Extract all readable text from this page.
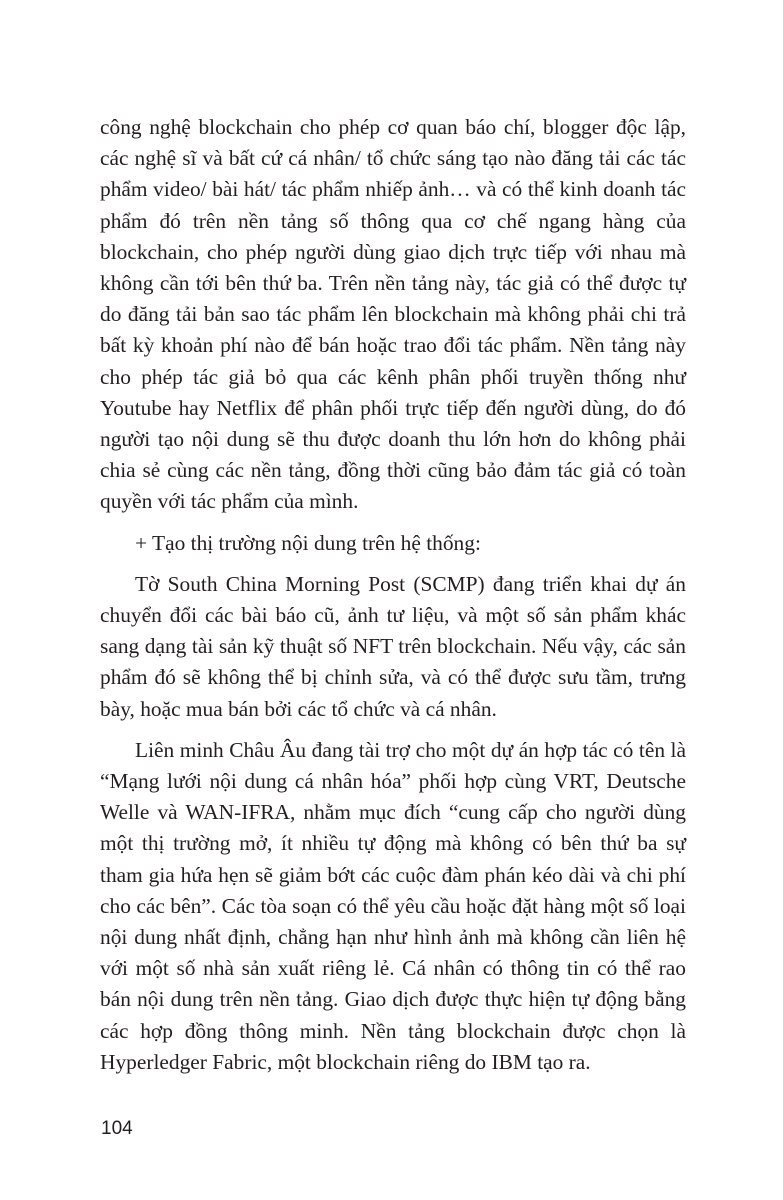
công nghệ blockchain cho phép cơ quan báo chí, blogger độc lập, các nghệ sĩ và bất cứ cá nhân/ tổ chức sáng tạo nào đăng tải các tác phẩm video/ bài hát/ tác phẩm nhiếp ảnh… và có thể kinh doanh tác phẩm đó trên nền tảng số thông qua cơ chế ngang hàng của blockchain, cho phép người dùng giao dịch trực tiếp với nhau mà không cần tới bên thứ ba. Trên nền tảng này, tác giả có thể được tự do đăng tải bản sao tác phẩm lên blockchain mà không phải chi trả bất kỳ khoản phí nào để bán hoặc trao đổi tác phẩm. Nền tảng này cho phép tác giả bỏ qua các kênh phân phối truyền thống như Youtube hay Netflix để phân phối trực tiếp đến người dùng, do đó người tạo nội dung sẽ thu được doanh thu lớn hơn do không phải chia sẻ cùng các nền tảng, đồng thời cũng bảo đảm tác giả có toàn quyền với tác phẩm của mình.

+ Tạo thị trường nội dung trên hệ thống:

Tờ South China Morning Post (SCMP) đang triển khai dự án chuyển đổi các bài báo cũ, ảnh tư liệu, và một số sản phẩm khác sang dạng tài sản kỹ thuật số NFT trên blockchain. Nếu vậy, các sản phẩm đó sẽ không thể bị chỉnh sửa, và có thể được sưu tầm, trưng bày, hoặc mua bán bởi các tổ chức và cá nhân.

Liên minh Châu Âu đang tài trợ cho một dự án hợp tác có tên là “Mạng lưới nội dung cá nhân hóa” phối hợp cùng VRT, Deutsche Welle và WAN-IFRA, nhằm mục đích “cung cấp cho người dùng một thị trường mở, ít nhiều tự động mà không có bên thứ ba sự tham gia hứa hẹn sẽ giảm bớt các cuộc đàm phán kéo dài và chi phí cho các bên”. Các tòa soạn có thể yêu cầu hoặc đặt hàng một số loại nội dung nhất định, chẳng hạn như hình ảnh mà không cần liên hệ với một số nhà sản xuất riêng lẻ. Cá nhân có thông tin có thể rao bán nội dung trên nền tảng. Giao dịch được thực hiện tự động bằng các hợp đồng thông minh. Nền tảng blockchain được chọn là Hyperledger Fabric, một blockchain riêng do IBM tạo ra.

104
